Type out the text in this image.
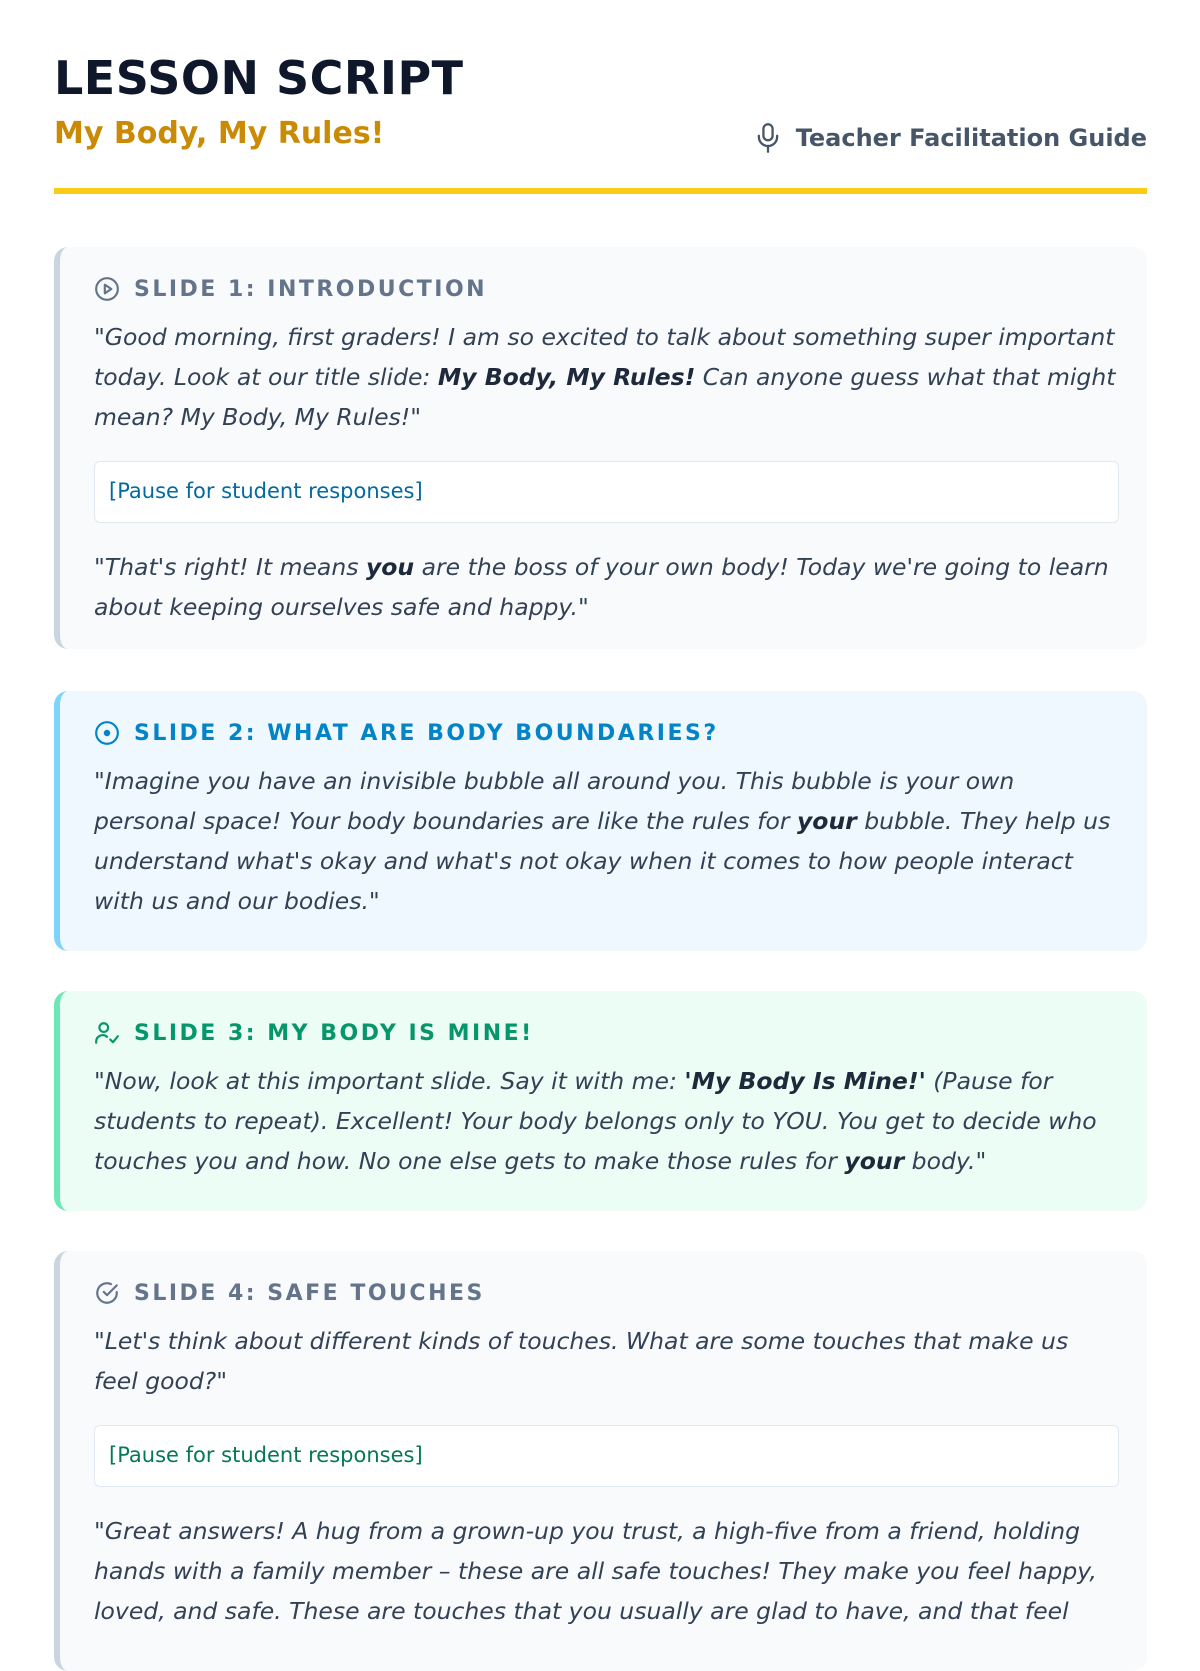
LESSON SCRIPT
My Body, My Rules!	Teacher Facilitation Guide
SLIDE 1: INTRODUCTION

"Good morning, first graders! I am so excited to talk about something super important today. Look at our title slide: My Body, My Rules! Can anyone guess what that might mean? My Body, My Rules!"

[Pause for student responses]

"That's right! It means you are the boss of your own body! Today we're going to learn about keeping ourselves safe and happy."

SLIDE 2: WHAT ARE BODY BOUNDARIES?

"Imagine you have an invisible bubble all around you. This bubble is your own personal space! Your body boundaries are like the rules for your bubble. They help us understand what's okay and what's not okay when it comes to how people interact with us and our bodies."

SLIDE 3: MY BODY IS MINE!

"Now, look at this important slide. Say it with me: 'My Body Is Mine!' (Pause for students to repeat). Excellent! Your body belongs only to YOU. You get to decide who touches you and how. No one else gets to make those rules for your body."

SLIDE 4: SAFE TOUCHES

"Let's think about different kinds of touches. What are some touches that make us feel good?"

[Pause for student responses]

"Great answers! A hug from a grown-up you trust, a high-five from a friend, holding hands with a family member – these are all safe touches! They make you feel happy, loved, and safe. These are touches that you usually are glad to have, and that feel
